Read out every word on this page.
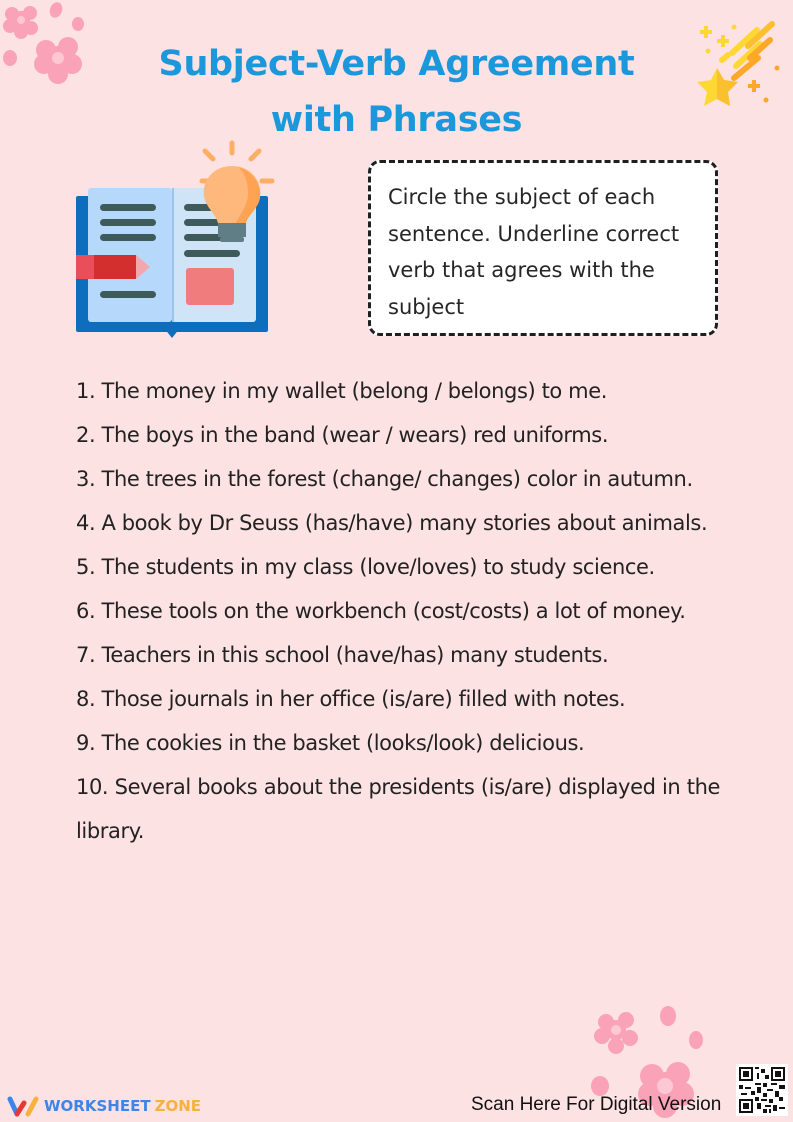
Subject-Verb Agreement
with Phrases
Circle the subject of each sentence. Underline correct verb that agrees with the subject

1. The money in my wallet (belong / belongs) to me.

2. The boys in the band (wear / wears) red uniforms.

3. The trees in the forest (change/ changes) color in autumn.

4. A book by Dr Seuss (has/have) many stories about animals.

5. The students in my class (love/loves) to study science.

6. These tools on the workbench (cost/costs) a lot of money.

7. Teachers in this school (have/has) many students.

8. Those journals in her office (is/are) filled with notes.

9. The cookies in the basket (looks/look) delicious.

10. Several books about the presidents (is/are) displayed in the library.

WORKSHEET ZONE	Scan Here For Digital Version
